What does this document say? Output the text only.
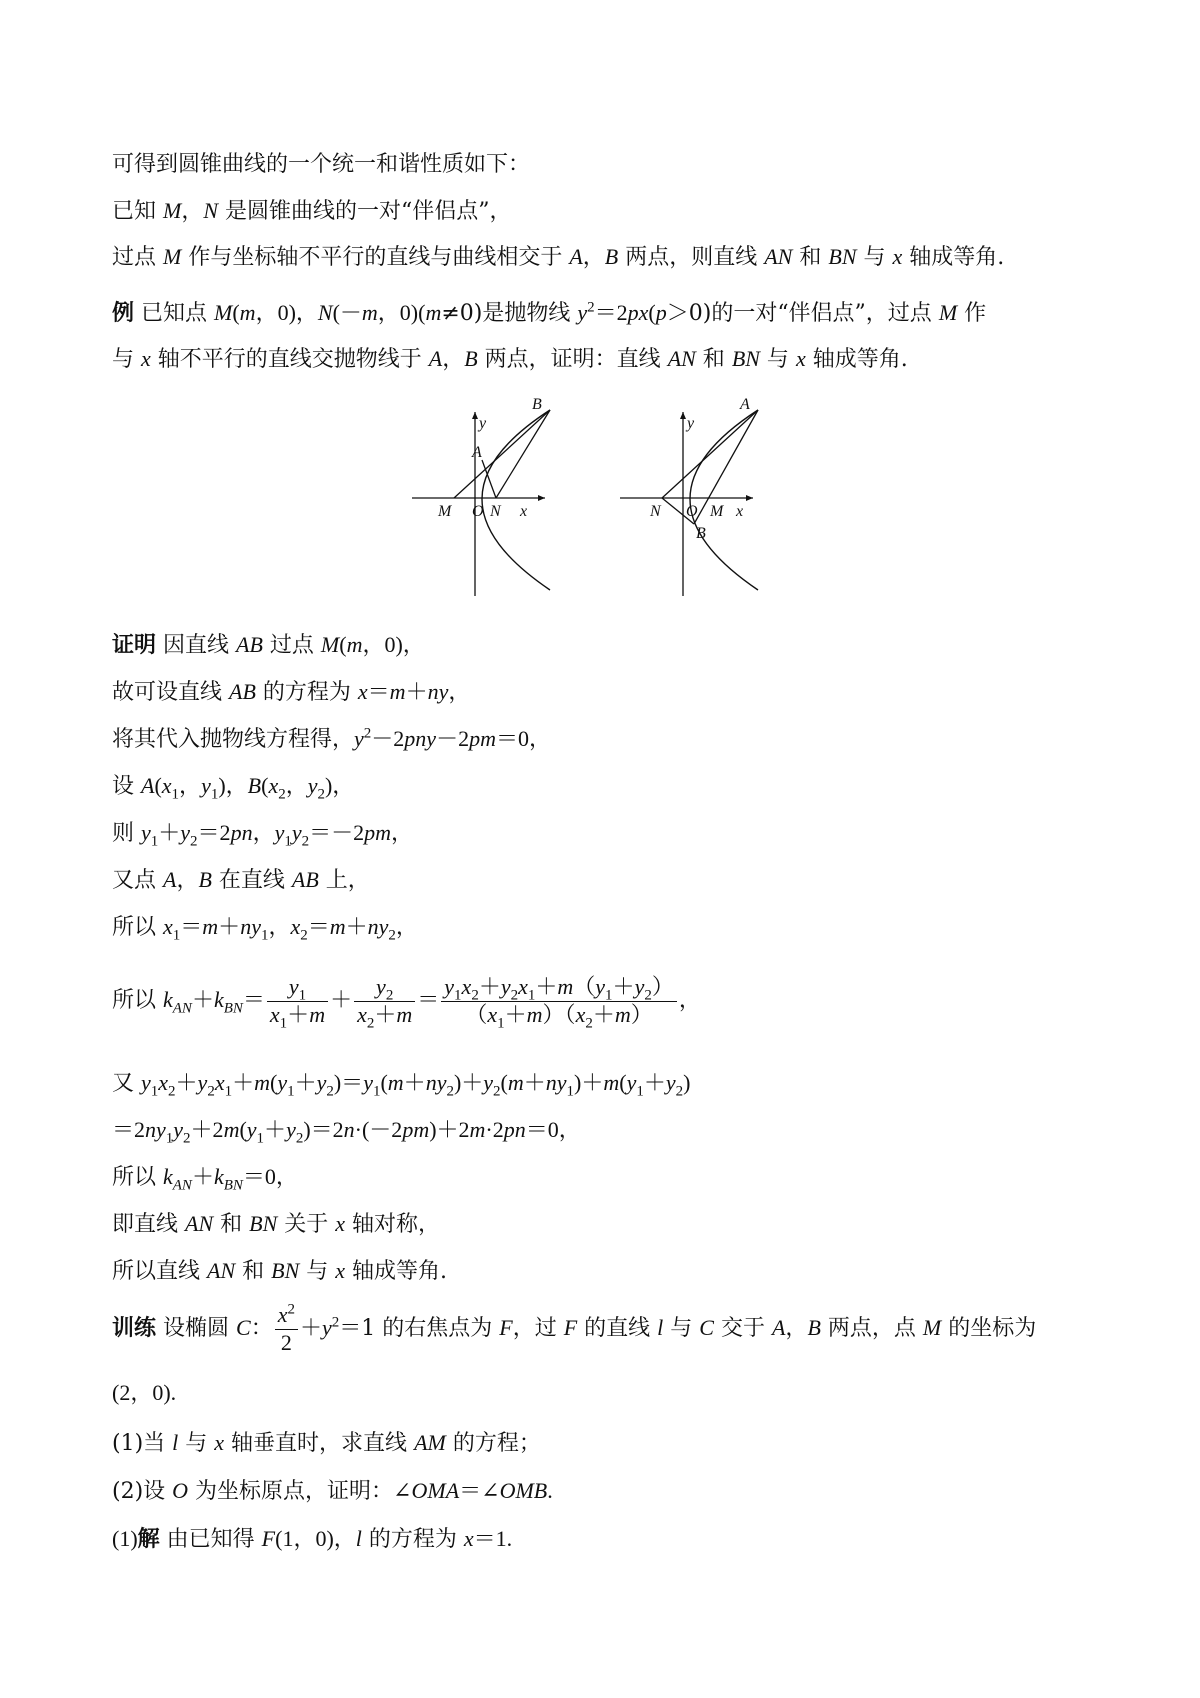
可得到圆锥曲线的一个统一和谐性质如下：
已知 M，N 是圆锥曲线的一对“伴侣点”，
过点 M 作与坐标轴不平行的直线与曲线相交于 A，B 两点，则直线 AN 和 BN 与 x 轴成等角.
例 已知点 M(m，0)，N(－m，0)(m≠0)是抛物线 $y^2=2px(p>0)$的一对“伴侣点”，过点 M 作
与 x 轴不平行的直线交抛物线于 A，B 两点，证明：直线 AN 和 BN 与 x 轴成等角.
B
y
A
M O N x
A
y
N O M
B
x
证明 因直线 AB 过点 M(m，0)，
故可设直线 AB 的方程为 x＝m＋ny，
将其代入抛物线方程得，$y^2-2pny-2pm=0$，
设 $A(x_1$，$y_1$)，$B(x_2$，$y_2$)，
则 $y_1+y_2=2pn$，$y_1y_2=-2pm$，
又点 A，B 在直线 AB 上，
所以 $x_1=m+ny_1$，$x_2=m+ny_2$，
所以 $k_{AN}+k_{BN}= \frac{y_1}{x_1+m} + \frac{y_2}{x_2+m} = \frac{y_1x_2+y_2x_1+m(y_1+y_2)}{(x_1+m)(x_2+m)}$ ，
又 $y_1x_2+y_2x_1+m(y_1+y_2)=y_1(m+ny_2)+y_2(m+ny_1)+m(y_1+y_2)$
$=2ny_1y_2+2m(y_1+y_2)=2n\cdot(-2pm)+2m\cdot 2pn=0$，
所以 $k_{AN}+k_{BN}=0$，
即直线 AN 和 BN 关于 x 轴对称，
所以直线 AN 和 BN 与 x 轴成等角.
训练 设椭圆 C： $\frac{x^2}{2} +y^2=1$ 的右焦点为 F，过 F 的直线 l 与 C 交于 A，B 两点，点 M 的坐标为
(2，0).
(1)当 l 与 x 轴垂直时，求直线 AM 的方程；
(2)设 O 为坐标原点，证明：∠OMA＝∠OMB.
(1)解 由已知得 F(1，0)，l 的方程为 x＝1.
